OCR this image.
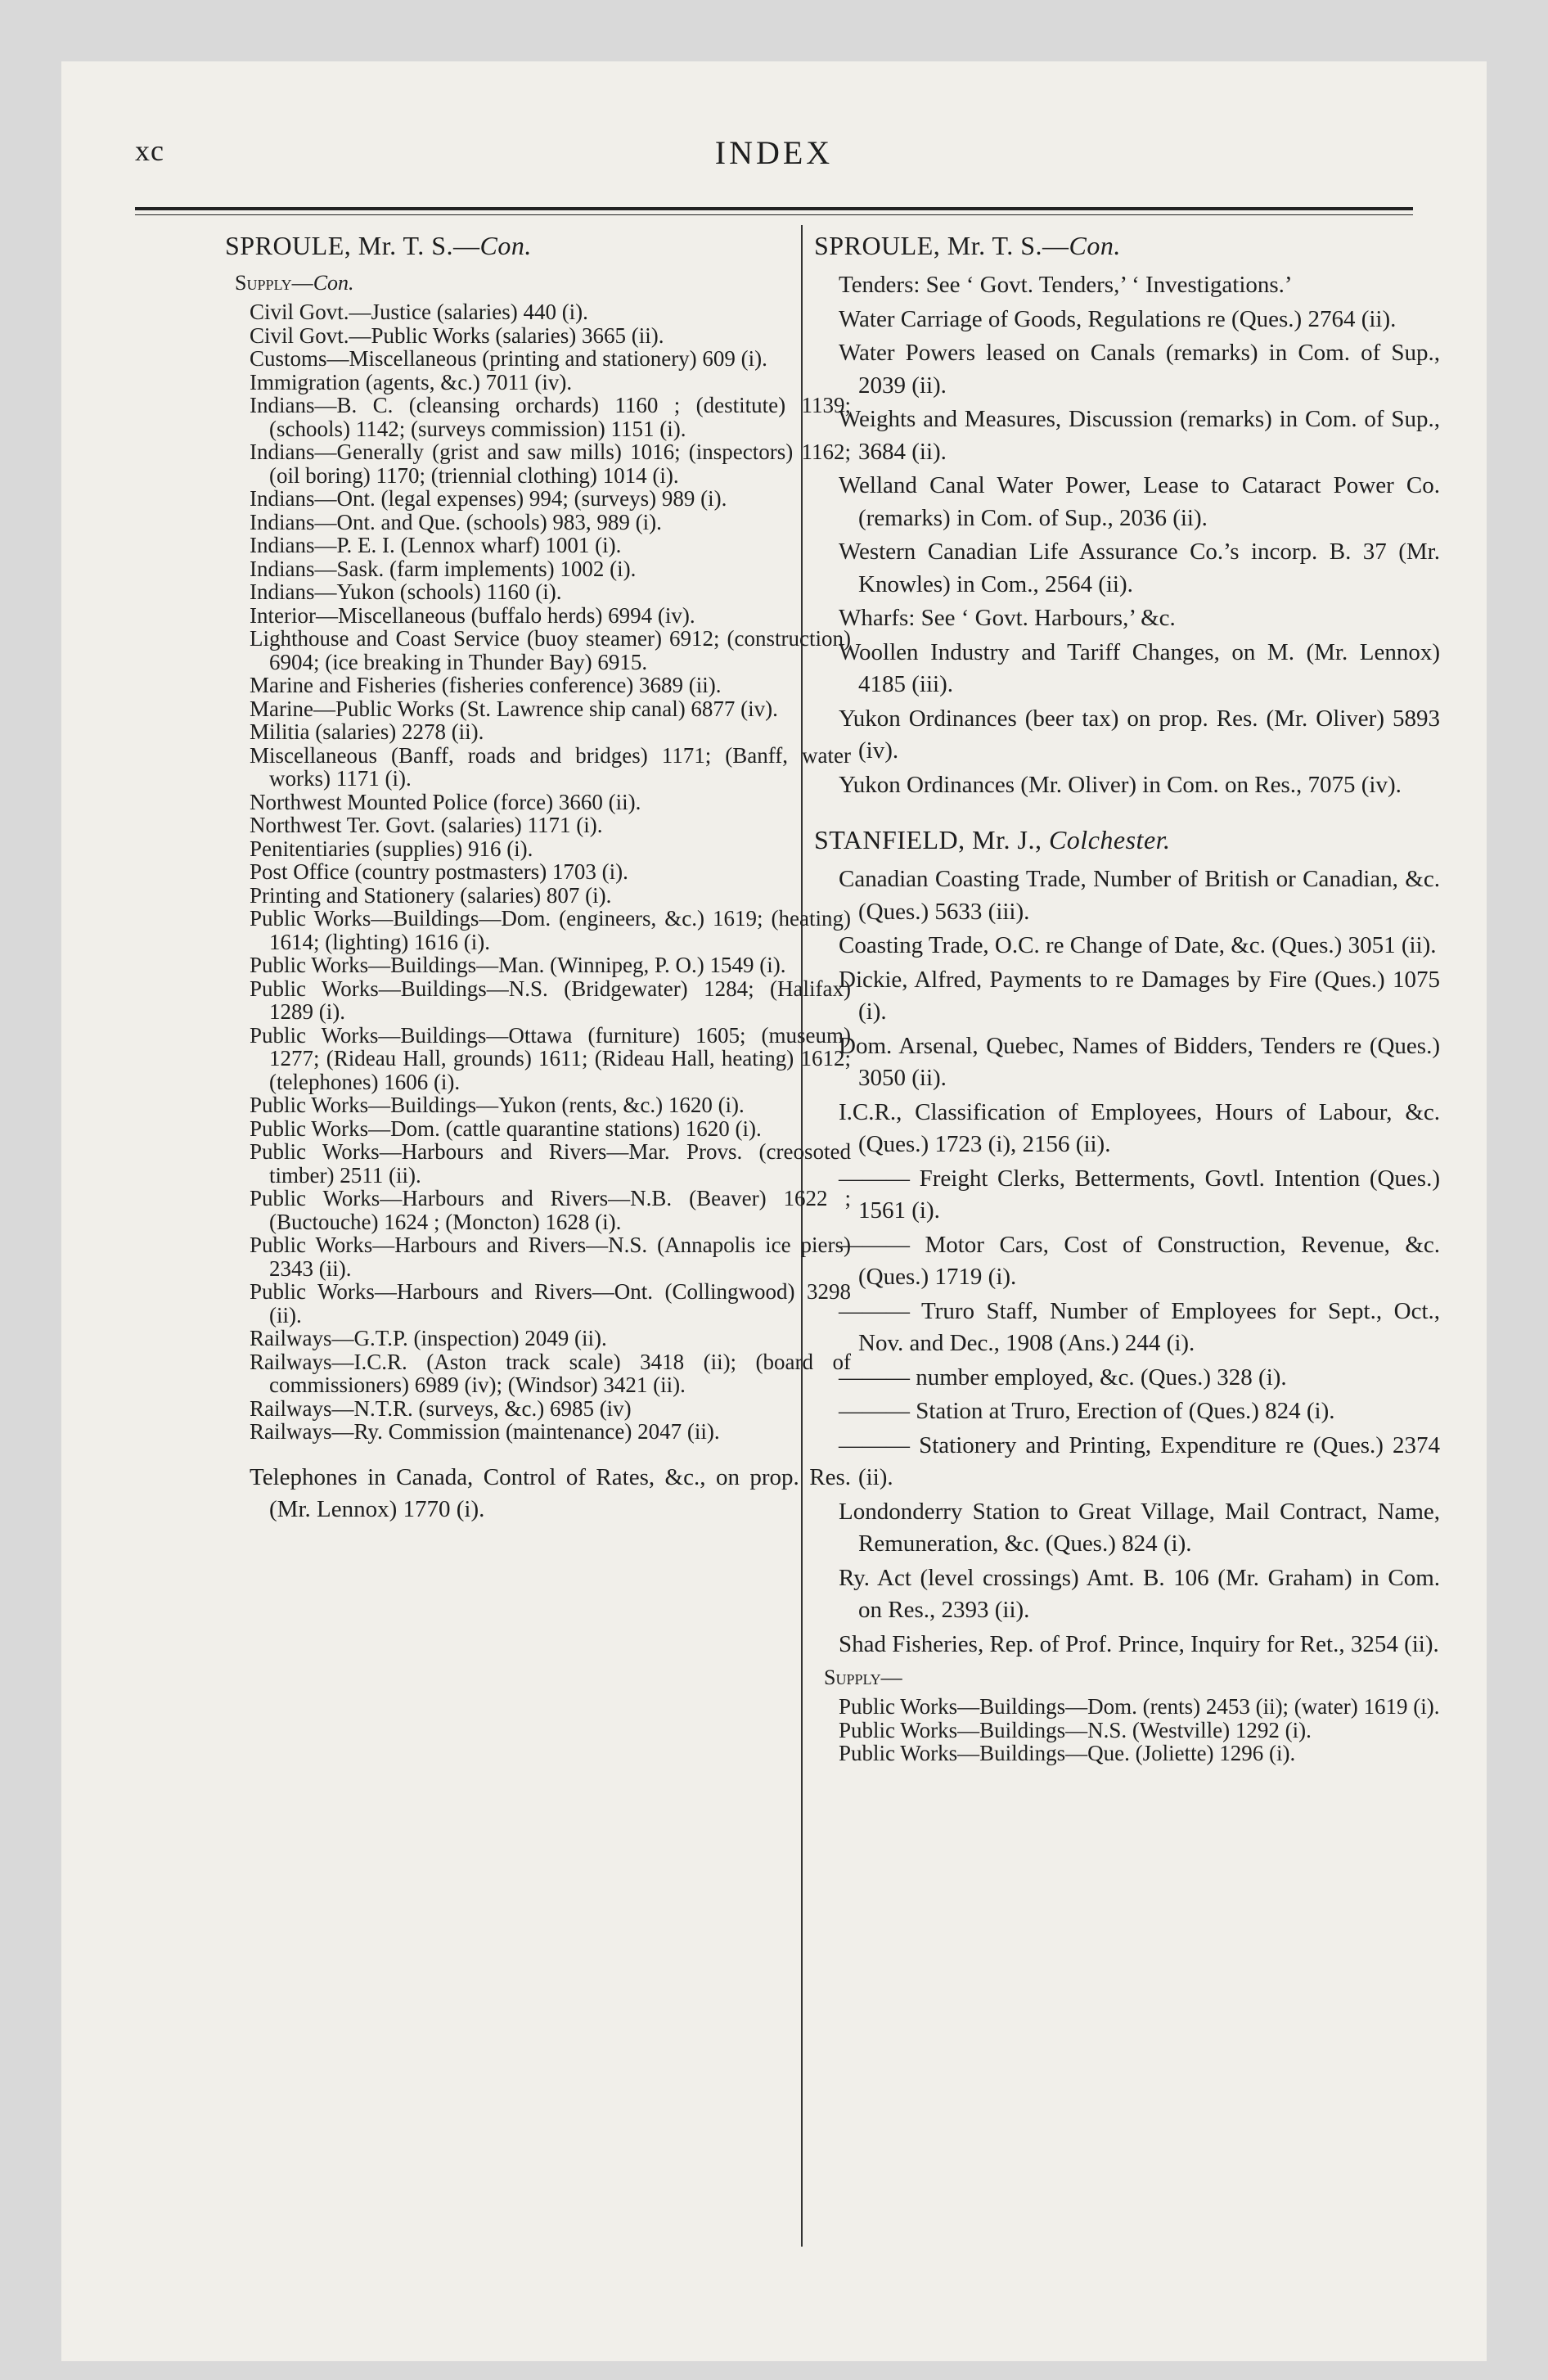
xc	INDEX
SPROULE, Mr. T. S.—Con.
Supply—Con.
Civil Govt.—Justice (salaries) 440 (i).
Civil Govt.—Public Works (salaries) 3665 (ii).
Customs—Miscellaneous (printing and stationery) 609 (i).
Immigration (agents, &c.) 7011 (iv).
Indians—B. C. (cleansing orchards) 1160 ; (destitute) 1139; (schools) 1142; (surveys commission) 1151 (i).
Indians—Generally (grist and saw mills) 1016; (inspectors) 1162; (oil boring) 1170; (triennial clothing) 1014 (i).
Indians—Ont. (legal expenses) 994; (surveys) 989 (i).
Indians—Ont. and Que. (schools) 983, 989 (i).
Indians—P. E. I. (Lennox wharf) 1001 (i).
Indians—Sask. (farm implements) 1002 (i).
Indians—Yukon (schools) 1160 (i).
Interior—Miscellaneous (buffalo herds) 6994 (iv).
Lighthouse and Coast Service (buoy steamer) 6912; (construction) 6904; (ice breaking in Thunder Bay) 6915.
Marine and Fisheries (fisheries conference) 3689 (ii).
Marine—Public Works (St. Lawrence ship canal) 6877 (iv).
Militia (salaries) 2278 (ii).
Miscellaneous (Banff, roads and bridges) 1171; (Banff, water works) 1171 (i).
Northwest Mounted Police (force) 3660 (ii).
Northwest Ter. Govt. (salaries) 1171 (i).
Penitentiaries (supplies) 916 (i).
Post Office (country postmasters) 1703 (i).
Printing and Stationery (salaries) 807 (i).
Public Works—Buildings—Dom. (engineers, &c.) 1619; (heating) 1614; (lighting) 1616 (i).
Public Works—Buildings—Man. (Winnipeg, P. O.) 1549 (i).
Public Works—Buildings—N.S. (Bridgewater) 1284; (Halifax) 1289 (i).
Public Works—Buildings—Ottawa (furniture) 1605; (museum) 1277; (Rideau Hall, grounds) 1611; (Rideau Hall, heating) 1612; (telephones) 1606 (i).
Public Works—Buildings—Yukon (rents, &c.) 1620 (i).
Public Works—Dom. (cattle quarantine stations) 1620 (i).
Public Works—Harbours and Rivers—Mar. Provs. (creosoted timber) 2511 (ii).
Public Works—Harbours and Rivers—N.B. (Beaver) 1622 ; (Buctouche) 1624 ; (Moncton) 1628 (i).
Public Works—Harbours and Rivers—N.S. (Annapolis ice piers) 2343 (ii).
Public Works—Harbours and Rivers—Ont. (Collingwood) 3298 (ii).
Railways—G.T.P. (inspection) 2049 (ii).
Railways—I.C.R. (Aston track scale) 3418 (ii); (board of commissioners) 6989 (iv); (Windsor) 3421 (ii).
Railways—N.T.R. (surveys, &c.) 6985 (iv)
Railways—Ry. Commission (maintenance) 2047 (ii).
Telephones in Canada, Control of Rates, &c., on prop. Res. (Mr. Lennox) 1770 (i).
SPROULE, Mr. T. S.—Con.
Tenders: See ‘ Govt. Tenders,’ ‘ Investigations.’
Water Carriage of Goods, Regulations re (Ques.) 2764 (ii).
Water Powers leased on Canals (remarks) in Com. of Sup., 2039 (ii).
Weights and Measures, Discussion (remarks) in Com. of Sup., 3684 (ii).
Welland Canal Water Power, Lease to Cataract Power Co. (remarks) in Com. of Sup., 2036 (ii).
Western Canadian Life Assurance Co.’s incorp. B. 37 (Mr. Knowles) in Com., 2564 (ii).
Wharfs: See ‘ Govt. Harbours,’ &c.
Woollen Industry and Tariff Changes, on M. (Mr. Lennox) 4185 (iii).
Yukon Ordinances (beer tax) on prop. Res. (Mr. Oliver) 5893 (iv).
Yukon Ordinances (Mr. Oliver) in Com. on Res., 7075 (iv).
STANFIELD, Mr. J., Colchester.
Canadian Coasting Trade, Number of British or Canadian, &c. (Ques.) 5633 (iii).
Coasting Trade, O.C. re Change of Date, &c. (Ques.) 3051 (ii).
Dickie, Alfred, Payments to re Damages by Fire (Ques.) 1075 (i).
Dom. Arsenal, Quebec, Names of Bidders, Tenders re (Ques.) 3050 (ii).
I.C.R., Classification of Employees, Hours of Labour, &c. (Ques.) 1723 (i), 2156 (ii).
——— Freight Clerks, Betterments, Govtl. Intention (Ques.) 1561 (i).
——— Motor Cars, Cost of Construction, Revenue, &c. (Ques.) 1719 (i).
——— Truro Staff, Number of Employees for Sept., Oct., Nov. and Dec., 1908 (Ans.) 244 (i).
——— number employed, &c. (Ques.) 328 (i).
——— Station at Truro, Erection of (Ques.) 824 (i).
——— Stationery and Printing, Expenditure re (Ques.) 2374 (ii).
Londonderry Station to Great Village, Mail Contract, Name, Remuneration, &c. (Ques.) 824 (i).
Ry. Act (level crossings) Amt. B. 106 (Mr. Graham) in Com. on Res., 2393 (ii).
Shad Fisheries, Rep. of Prof. Prince, Inquiry for Ret., 3254 (ii).
Supply—
Public Works—Buildings—Dom. (rents) 2453 (ii); (water) 1619 (i).
Public Works—Buildings—N.S. (Westville) 1292 (i).
Public Works—Buildings—Que. (Joliette) 1296 (i).
